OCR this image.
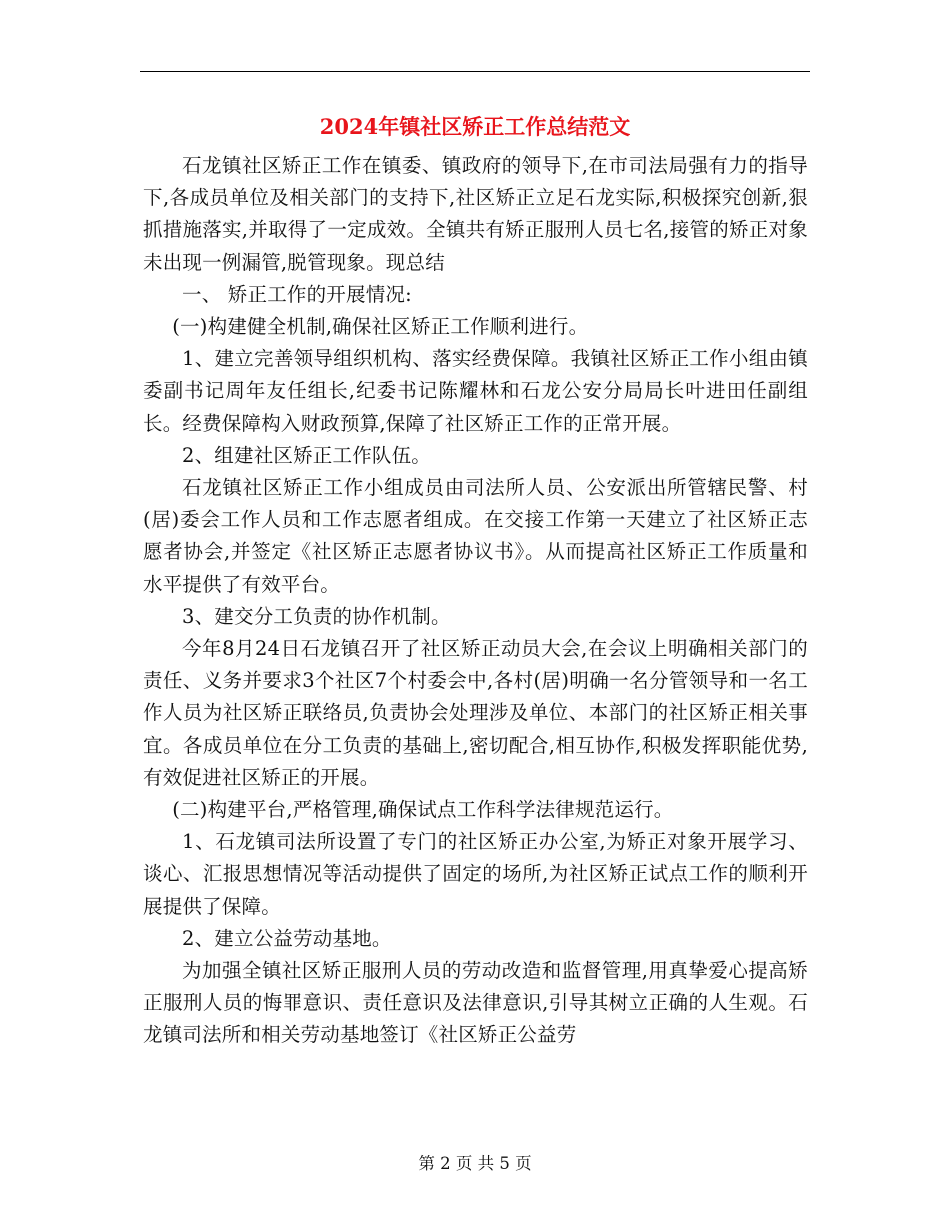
2024年镇社区矫正工作总结范文

石龙镇社区矫正工作在镇委、镇政府的领导下,在市司法局强有力的指导下,各成员单位及相关部门的支持下,社区矫正立足石龙实际,积极探究创新,狠抓措施落实,并取得了一定成效。全镇共有矫正服刑人员七名,接管的矫正对象未出现一例漏管,脱管现象。现总结

一、 矫正工作的开展情况:

(一)构建健全机制,确保社区矫正工作顺利进行。

1、建立完善领导组织机构、落实经费保障。我镇社区矫正工作小组由镇委副书记周年友任组长,纪委书记陈耀林和石龙公安分局局长叶进田任副组长。经费保障构入财政预算,保障了社区矫正工作的正常开展。

2、组建社区矫正工作队伍。

石龙镇社区矫正工作小组成员由司法所人员、公安派出所管辖民警、村(居)委会工作人员和工作志愿者组成。在交接工作第一天建立了社区矫正志愿者协会,并签定《社区矫正志愿者协议书》。从而提高社区矫正工作质量和水平提供了有效平台。

3、建交分工负责的协作机制。

今年8月24日石龙镇召开了社区矫正动员大会,在会议上明确相关部门的责任、义务并要求3个社区7个村委会中,各村(居)明确一名分管领导和一名工作人员为社区矫正联络员,负责协会处理涉及单位、本部门的社区矫正相关事宜。各成员单位在分工负责的基础上,密切配合,相互协作,积极发挥职能优势,有效促进社区矫正的开展。

(二)构建平台,严格管理,确保试点工作科学法律规范运行。

1、石龙镇司法所设置了专门的社区矫正办公室,为矫正对象开展学习、谈心、汇报思想情况等活动提供了固定的场所,为社区矫正试点工作的顺利开展提供了保障。

2、建立公益劳动基地。

为加强全镇社区矫正服刑人员的劳动改造和监督管理,用真挚爱心提高矫正服刑人员的悔罪意识、责任意识及法律意识,引导其树立正确的人生观。石龙镇司法所和相关劳动基地签订《社区矫正公益劳

第 2 页 共 5 页
